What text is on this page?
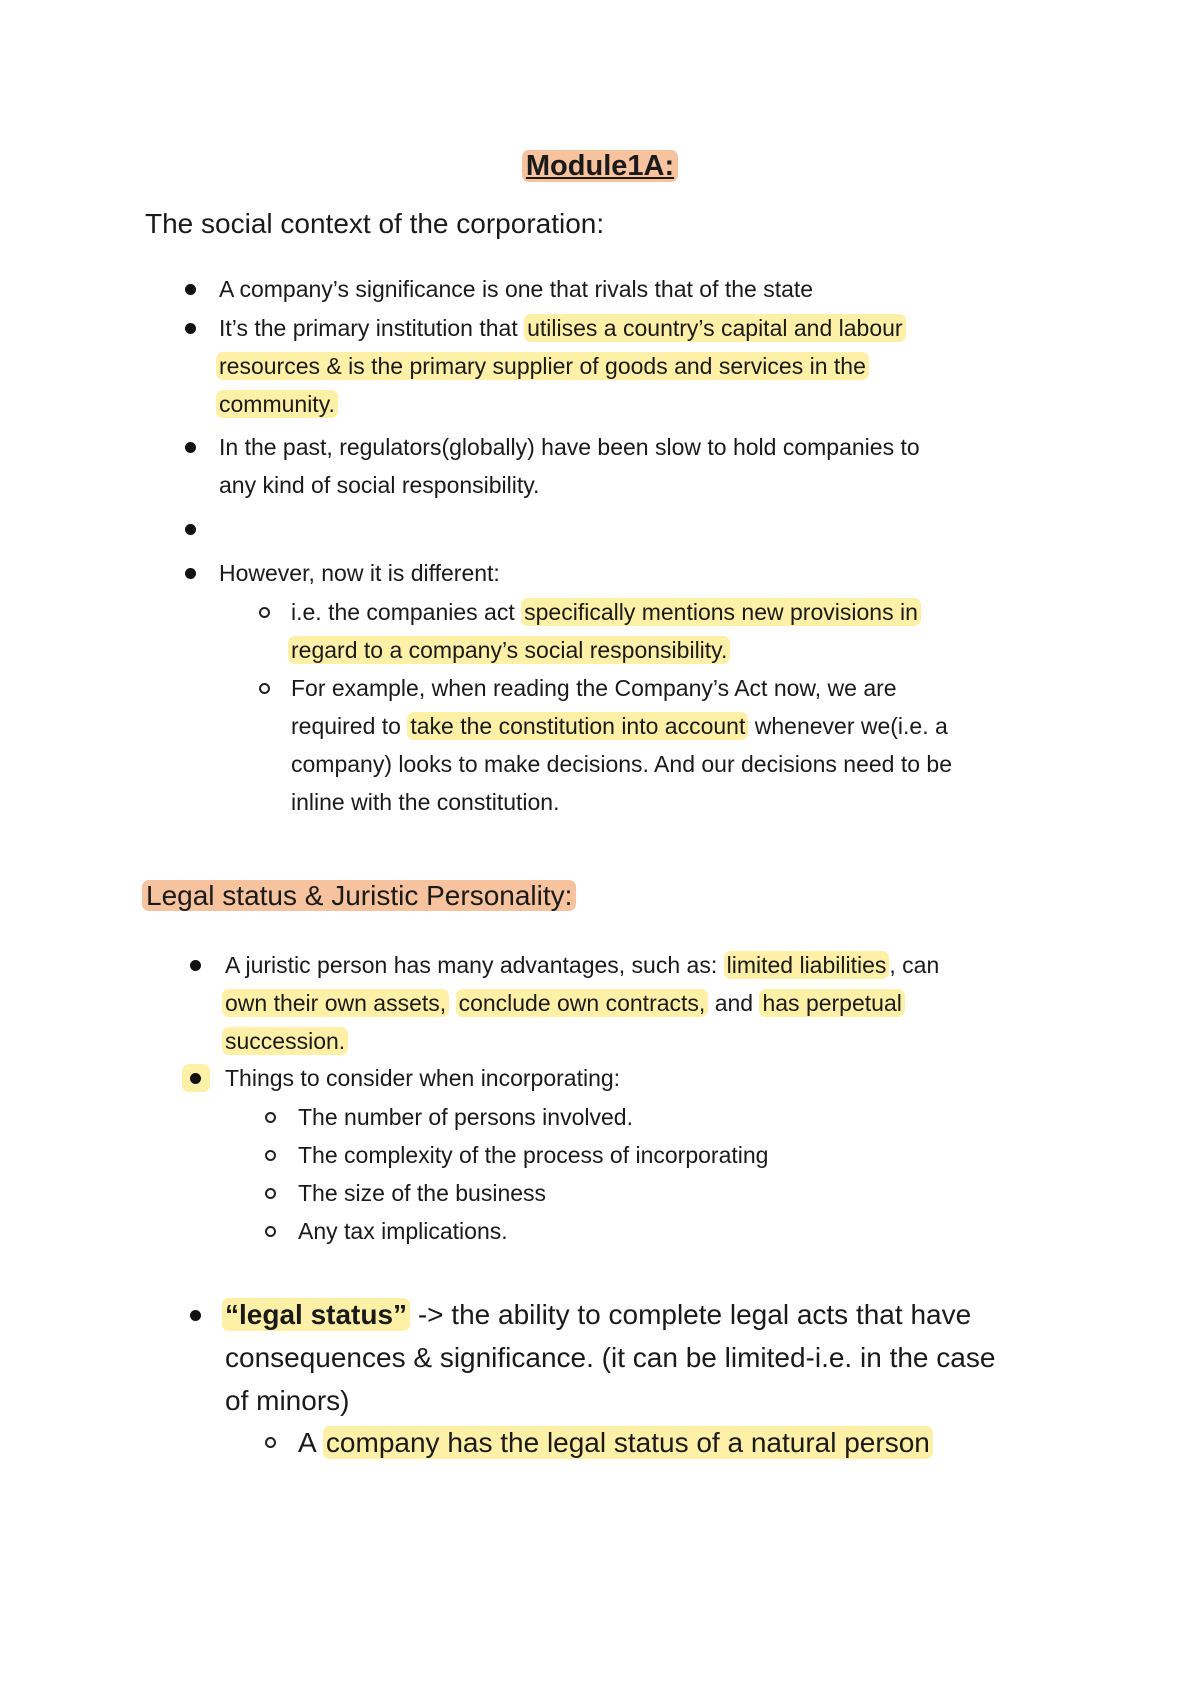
Module1A:
The social context of the corporation:
A company’s significance is one that rivals that of the state
It’s the primary institution that utilises a country’s capital and labour
resources & is the primary supplier of goods and services in the
community.
In the past, regulators(globally) have been slow to hold companies to
any kind of social responsibility.
However, now it is different:
i.e. the companies act specifically mentions new provisions in
regard to a company’s social responsibility.
For example, when reading the Company’s Act now, we are
required to take the constitution into account whenever we(i.e. a
company) looks to make decisions. And our decisions need to be
inline with the constitution.
Legal status & Juristic Personality:
A juristic person has many advantages, such as: limited liabilities , can
own their own assets, conclude own contracts, and has perpetual
succession.
Things to consider when incorporating:
The number of persons involved.
The complexity of the process of incorporating
The size of the business
Any tax implications.
“legal status” -> the ability to complete legal acts that have
consequences & significance. (it can be limited-i.e. in the case
of minors)
A company has the legal status of a natural person
